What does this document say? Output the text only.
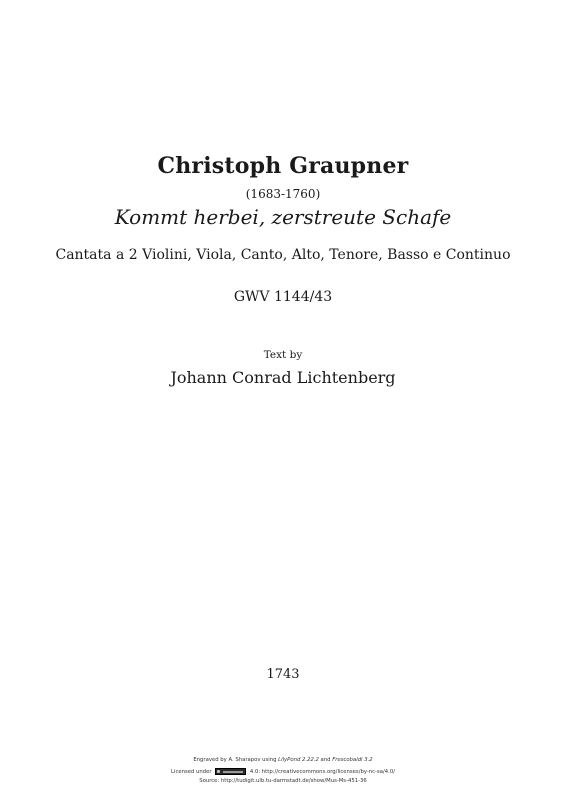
Christoph Graupner
(1683-1760)
Kommt herbei, zerstreute Schafe
Cantata a 2 Violini, Viola, Canto, Alto, Tenore, Basso e Continuo
GWV 1144/43
Text by
Johann Conrad Lichtenberg
1743
Engraved by A. Sharapov using LilyPond 2.22.2 and Frescobaldi 3.2
Licensed under	4.0: http://creativecommons.org/licenses/by-nc-sa/4.0/
Source: http://tudigit.ulb.tu-darmstadt.de/show/Mus-Ms-451-36
